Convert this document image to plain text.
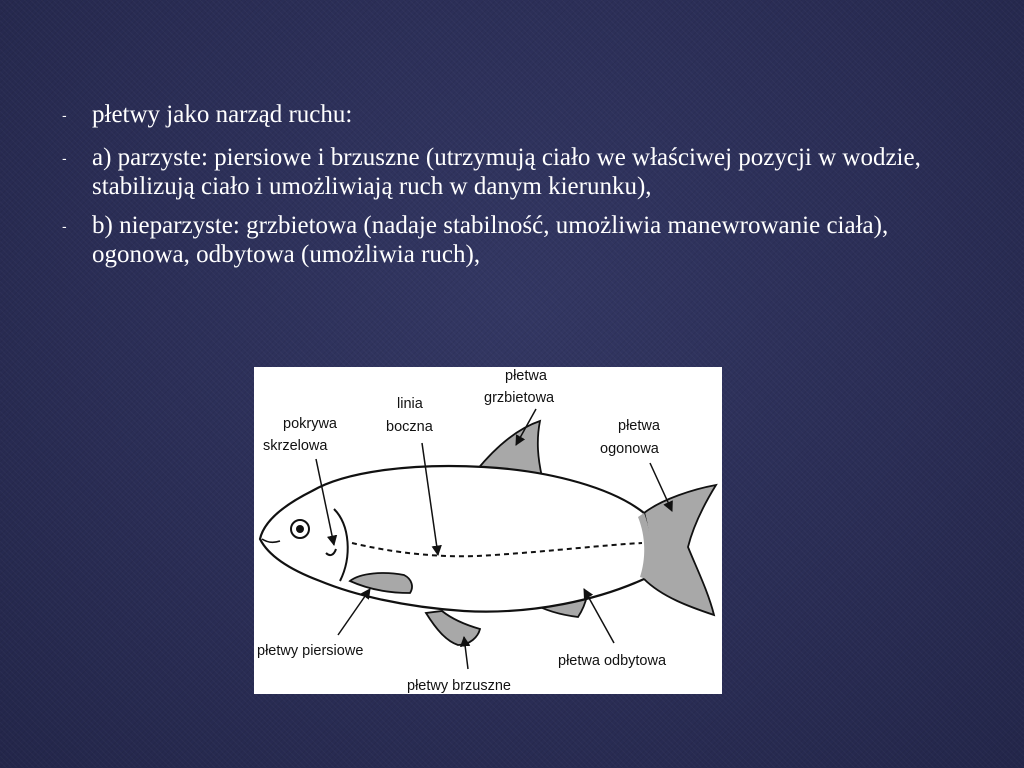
-	płetwy jako narząd ruchu:
-	a) parzyste: piersiowe i brzuszne (utrzymują ciało we właściwej pozycji w wodzie, stabilizują ciało i umożliwiają ruch w danym kierunku),
-	b) nieparzyste: grzbietowa (nadaje stabilność, umożliwia manewrowanie ciała), ogonowa, odbytowa (umożliwia ruch),
pokrywa
skrzelowa
linia
boczna
płetwa
grzbietowa
płetwa
ogonowa
płetwy piersiowe
płetwy brzuszne
płetwa odbytowa
